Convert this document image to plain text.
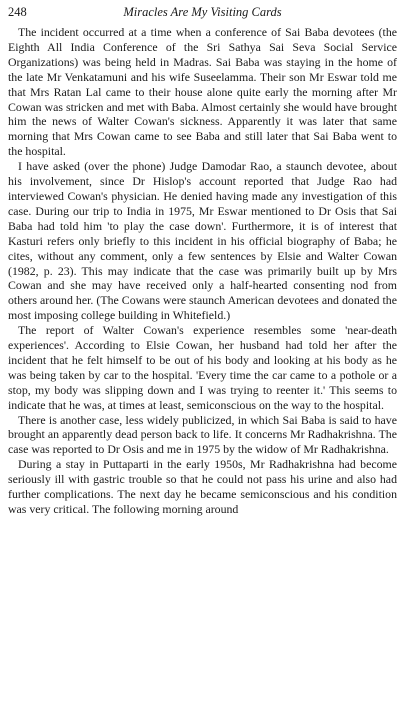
248	Miracles Are My Visiting Cards

The incident occurred at a time when a conference of Sai Baba devotees (the Eighth All India Conference of the Sri Sathya Sai Seva Social Service Organizations) was being held in Madras. Sai Baba was staying in the home of the late Mr Venkatamuni and his wife Suseelamma. Their son Mr Eswar told me that Mrs Ratan Lal came to their house alone quite early the morning after Mr Cowan was stricken and met with Baba. Almost certainly she would have brought him the news of Walter Cowan's sickness. Apparently it was later that same morning that Mrs Cowan came to see Baba and still later that Sai Baba went to the hospital.

I have asked (over the phone) Judge Damodar Rao, a staunch devotee, about his involvement, since Dr Hislop's account reported that Judge Rao had interviewed Cowan's physician. He denied having made any investigation of this case. During our trip to India in 1975, Mr Eswar mentioned to Dr Osis that Sai Baba had told him 'to play the case down'. Furthermore, it is of interest that Kasturi refers only briefly to this incident in his official biography of Baba; he cites, without any comment, only a few sentences by Elsie and Walter Cowan (1982, p. 23). This may indicate that the case was primarily built up by Mrs Cowan and she may have received only a half-hearted consenting nod from others around her. (The Cowans were staunch American devotees and donated the most imposing college building in Whitefield.)

The report of Walter Cowan's experience resembles some 'near-death experiences'. According to Elsie Cowan, her husband had told her after the incident that he felt himself to be out of his body and looking at his body as he was being taken by car to the hospital. 'Every time the car came to a pothole or a stop, my body was slipping down and I was trying to reenter it.' This seems to indicate that he was, at times at least, semiconscious on the way to the hospital.

There is another case, less widely publicized, in which Sai Baba is said to have brought an apparently dead person back to life. It concerns Mr Radhakrishna. The case was reported to Dr Osis and me in 1975 by the widow of Mr Radhakrishna.

During a stay in Puttaparti in the early 1950s, Mr Radhakrishna had become seriously ill with gastric trouble so that he could not pass his urine and also had further complications. The next day he became semiconscious and his condition was very critical. The following morning around
